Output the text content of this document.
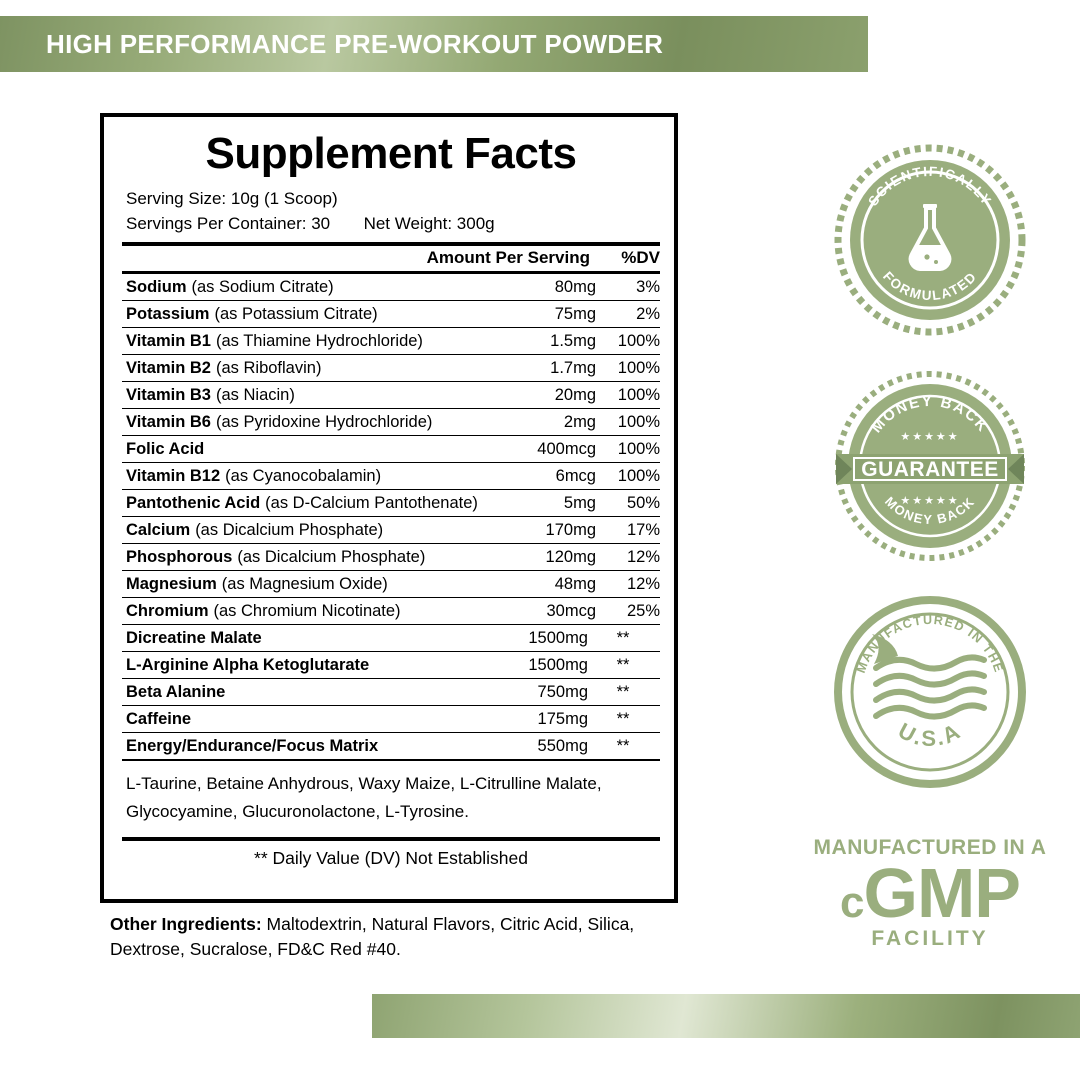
HIGH PERFORMANCE PRE-WORKOUT POWDER
Supplement Facts
Serving Size: 10g (1 Scoop)
Servings Per Container: 30 Net Weight: 300g
Amount Per Serving	%DV
Sodium (as Sodium Citrate)	80mg	3%
Potassium (as Potassium Citrate)	75mg	2%
Vitamin B1 (as Thiamine Hydrochloride)	1.5mg	100%
Vitamin B2 (as Riboflavin)	1.7mg	100%
Vitamin B3 (as Niacin)	20mg	100%
Vitamin B6 (as Pyridoxine Hydrochloride)	2mg	100%
Folic Acid	400mcg	100%
Vitamin B12 (as Cyanocobalamin)	6mcg	100%
Pantothenic Acid (as D-Calcium Pantothenate)	5mg	50%
Calcium (as Dicalcium Phosphate)	170mg	17%
Phosphorous (as Dicalcium Phosphate)	120mg	12%
Magnesium (as Magnesium Oxide)	48mg	12%
Chromium (as Chromium Nicotinate)	30mcg	25%
Dicreatine Malate	1500mg	**
L-Arginine Alpha Ketoglutarate	1500mg	**
Beta Alanine	750mg	**
Caffeine	175mg	**
Energy/Endurance/Focus Matrix	550mg	**
L-Taurine, Betaine Anhydrous, Waxy Maize, L-Citrulline Malate,
Glycocyamine, Glucuronolactone, L-Tyrosine.
** Daily Value (DV) Not Established
Other Ingredients: Maltodextrin, Natural Flavors, Citric Acid, Silica, Dextrose, Sucralose, FD&C Red #40.
SCIENTIFICALLY
FORMULATED
MONEY BACK
MONEY BACK
★★★★★
★★★★★
GUARANTEE
MANUFACTURED IN THE
U.S.A
MANUFACTURED IN A
cGMP
FACILITY
